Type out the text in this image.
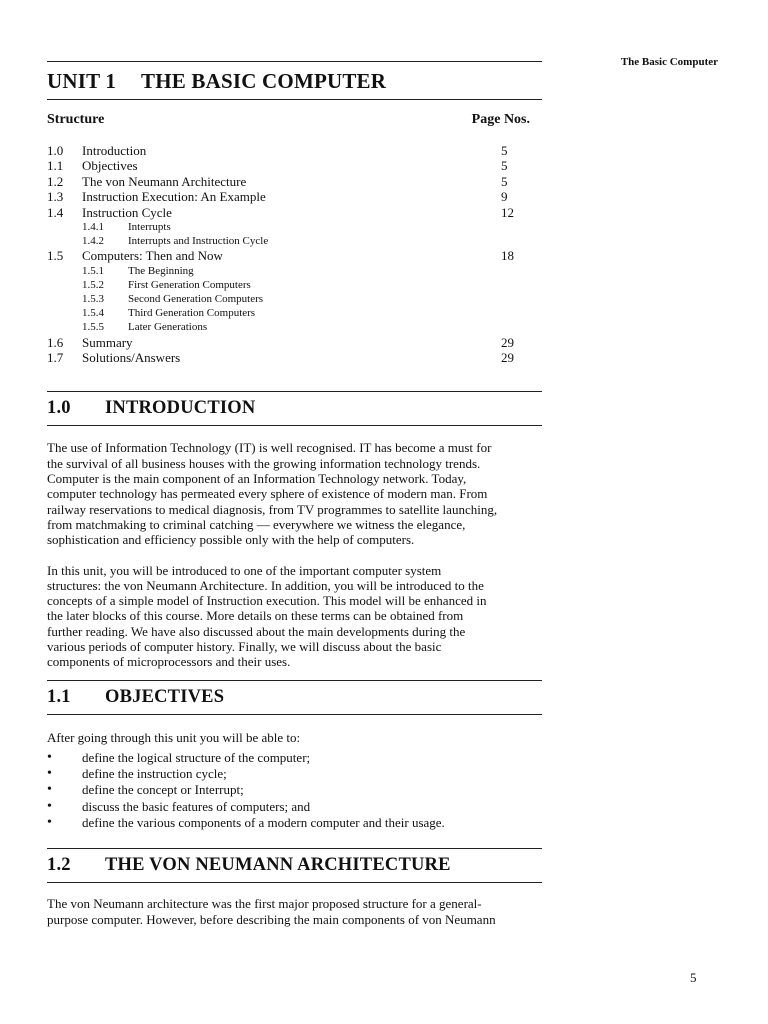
The Basic Computer
UNIT 1 THE BASIC COMPUTER
Structure	Page Nos.
1.0 Introduction	5
1.1 Objectives	5
1.2 The von Neumann Architecture	5
1.3 Instruction Execution: An Example	9
1.4 Instruction Cycle	12
1.4.1 Interrupts
1.4.2 Interrupts and Instruction Cycle
1.5 Computers: Then and Now	18
1.5.1 The Beginning
1.5.2 First Generation Computers
1.5.3 Second Generation Computers
1.5.4 Third Generation Computers
1.5.5 Later Generations
1.6 Summary	29
1.7 Solutions/Answers	29
1.0 INTRODUCTION

The use of Information Technology (IT) is well recognised. IT has become a must for
the survival of all business houses with the growing information technology trends.
Computer is the main component of an Information Technology network. Today,
computer technology has permeated every sphere of existence of modern man. From
railway reservations to medical diagnosis, from TV programmes to satellite launching,
from matchmaking to criminal catching — everywhere we witness the elegance,
sophistication and efficiency possible only with the help of computers.

In this unit, you will be introduced to one of the important computer system
structures: the von Neumann Architecture. In addition, you will be introduced to the
concepts of a simple model of Instruction execution. This model will be enhanced in
the later blocks of this course. More details on these terms can be obtained from
further reading. We have also discussed about the main developments during the
various periods of computer history. Finally, we will discuss about the basic
components of microprocessors and their uses.

1.1 OBJECTIVES

After going through this unit you will be able to:

• define the logical structure of the computer;
• define the instruction cycle;
• define the concept or Interrupt;
• discuss the basic features of computers; and
• define the various components of a modern computer and their usage.
1.2 THE VON NEUMANN ARCHITECTURE

The von Neumann architecture was the first major proposed structure for a general-
purpose computer. However, before describing the main components of von Neumann

5
